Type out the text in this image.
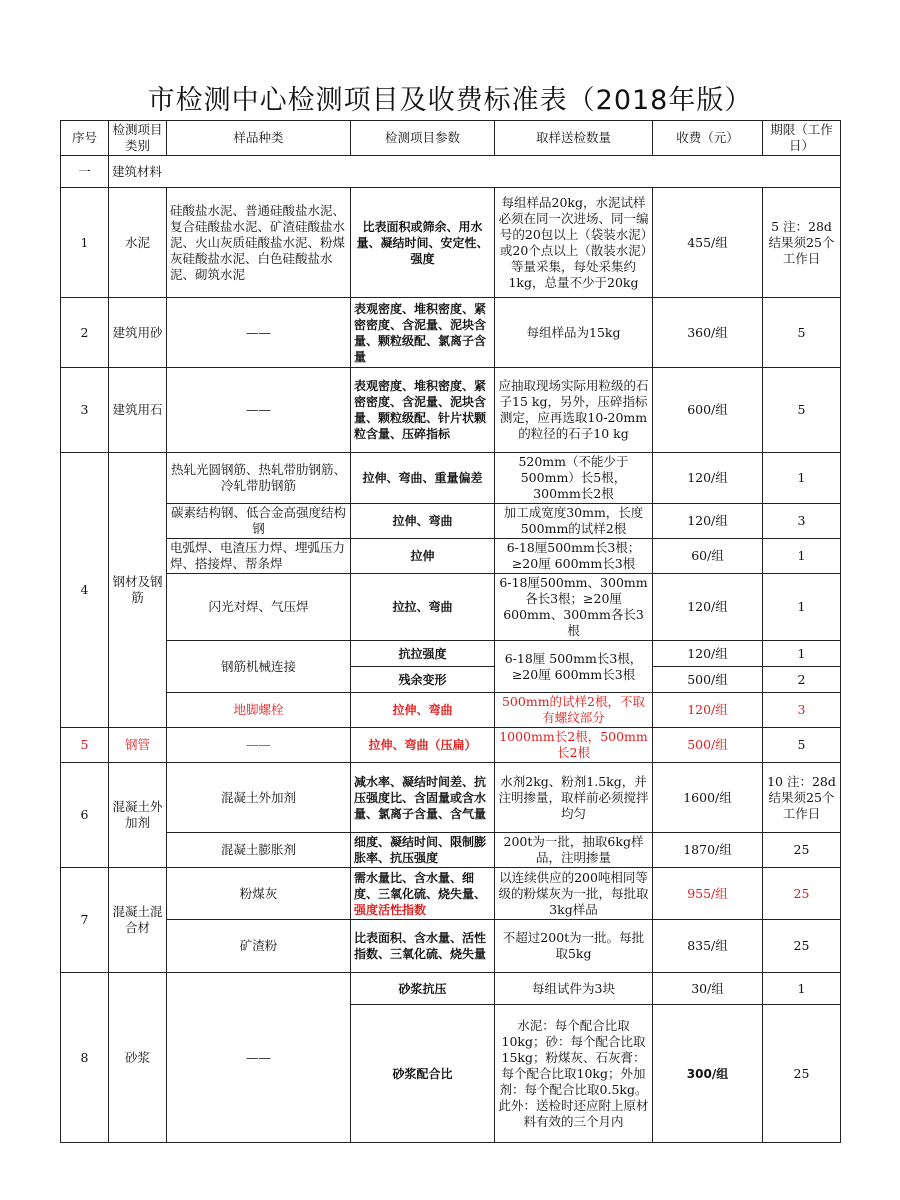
市检测中心检测项目及收费标准表（2018年版）
序号	检测项目类别	样品种类	检测项目参数	取样送检数量	收费（元）	期限（工作日）
一	建筑材料					
1	水泥	硅酸盐水泥、普通硅酸盐水泥、复合硅酸盐水泥、矿渣硅酸盐水泥、火山灰质硅酸盐水泥、粉煤灰硅酸盐水泥、白色硅酸盐水泥、砌筑水泥	比表面积或筛余、用水量、凝结时间、安定性、强度	每组样品20kg，水泥试样必须在同一次进场、同一编号的20包以上（袋装水泥）或20个点以上（散装水泥）等量采集，每处采集约1kg，总量不少于20kg	455/组	5 注：28d结果须25个工作日
2	建筑用砂	——	表观密度、堆积密度、紧密密度、含泥量、泥块含量、颗粒级配、氯离子含量	每组样品为15kg	360/组	5
3	建筑用石	——	表观密度、堆积密度、紧密密度、含泥量、泥块含量、颗粒级配、针片状颗粒含量、压碎指标	应抽取现场实际用粒级的石子15 kg，另外，压碎指标测定，应再选取10-20mm的粒径的石子10 kg	600/组	5
4	钢材及钢筋	热轧光圆钢筋、热轧带肋钢筋、冷轧带肋钢筋	拉伸、弯曲、重量偏差	520mm（不能少于500mm）长5根，300mm长2根	120/组	1
		碳素结构钢、低合金高强度结构钢	拉伸、弯曲	加工成宽度30mm，长度500mm的试样2根	120/组	3
		电弧焊、电渣压力焊、埋弧压力焊、搭接焊、帮条焊	拉伸	6-18厘500mm长3根；≥20厘 600mm长3根	60/组	1
		闪光对焊、气压焊	拉拉、弯曲	6-18厘500mm、300mm各长3根；≥20厘 600mm、300mm各长3根	120/组	1
		钢筋机械连接	抗拉强度	6-18厘 500mm长3根，≥20厘 600mm长3根	120/组	1
			残余变形		500/组	2
		地脚螺栓	拉伸、弯曲	500mm的试样2根，不取有螺纹部分	120/组	3
5	钢管	——	拉伸、弯曲（压扁）	1000mm长2根，500mm长2根	500/组	5
6	混凝土外加剂	混凝土外加剂	减水率、凝结时间差、抗压强度比、含固量或含水量、氯离子含量、含气量	水剂2kg、粉剂1.5kg，并注明掺量，取样前必须搅拌均匀	1600/组	10 注：28d结果须25个工作日
		混凝土膨胀剂	细度、凝结时间、限制膨胀率、抗压强度	200t为一批，抽取6kg样品，注明掺量	1870/组	25
7	混凝土混合材	粉煤灰	需水量比、含水量、细度、三氧化硫、烧失量、强度活性指数	以连续供应的200吨相同等级的粉煤灰为一批，每批取3kg样品	955/组	25
		矿渣粉	比表面积、含水量、活性指数、三氧化硫、烧失量	不超过200t为一批。每批取5kg	835/组	25
8	砂浆	——	砂浆抗压	每组试件为3块	30/组	1
			砂浆配合比	水泥：每个配合比取10kg；砂：每个配合比取15kg；粉煤灰、石灰膏：每个配合比取10kg；外加剂：每个配合比取0.5kg。此外：送检时还应附上原材料有效的三个月内	300/组	25
